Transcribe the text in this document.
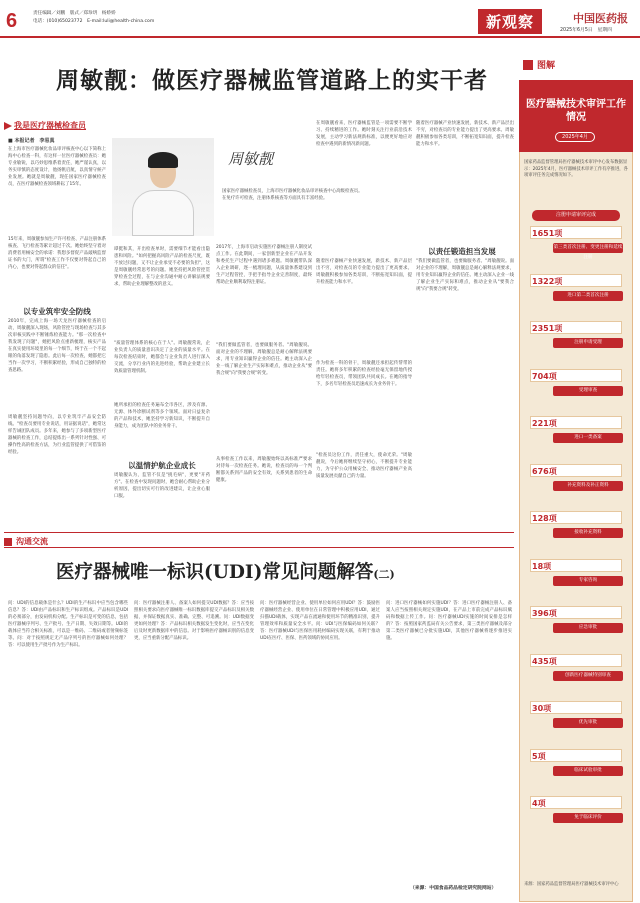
6	责任编辑／刘鹏　版式／郑珍玥　杨娇娇
电话：(010)65023772　E-mail:luli@health-china.com	新观察	中国医药报
2025年6月5日　星期四
周敏靓：做医疗器械监管道路上的实干者
我是医疗器械检查员
■ 本报记者　李易真
在上海市医疗器械化妆品审评核查中心以下简称上海中心检查一科，有这样一位医疗器械检查员：她专业敏锐，以巧妙思维系着责任，她严谨认真，以务实审慎的态度设计，他扬帆启航，以真情守候产业发展。她就是周敏靓，现任国家医疗器械检查员，在医疗器械检查领域耕耘了15年。
15年来，周敏靓参加生产许可检查、产品注册体系核查、飞行检查等累计超过千次。她始终坚守着对消费者用械安全的承诺：我想多督促产品敲响监督证书的大门，所谓"检查工作不仅要对得起自己的内心，也要对得起群众的信任"。
以专业筑牢安全防线
2010年，完成上海一场天龙医疗器械检查的启动，周敏靓深入现场，风险管控与现场检查与其多次审核实践中不断锤炼检查能力。"那一次检查中我发现了问题"，她把风险点重新梳理，核实产品在真实使用环境里的每一个细节，终于在一个不起眼的角落发现了隐患。此后每一次检查，她都把它当作一次学习，不断积累经验，形成自己独特的检查思路。
周敏靓坚持问题导向，以专业筑牢产品安全防线。"检查员要用专业说话，用证据说话"，她常这样告诫团队成员。多年来，她参与了多项新型医疗器械的检查工作，总结提炼出一系列针对性强、可操作性高的检查方法，为行业监管提供了可借鉴的经验。
周敏靓
国家医疗器械检查员，上海市医疗器械化妆品审评核查中心高级检查员。在免疗许可检查，注册体系核查等方面具有丰富经验。
谭挺和其，开出检查单时，需要细节才能看出隐患和风险。"如何把握高风险产品的检查尺度，既不放过问题，又不让企业承受不必要的负担"，这是周敏靓经常思考的问题。她坚持把风险管控贯穿检查全过程，在与企业沟通中耐心讲解法规要求，帮助企业理解整改的意义。
"质量管理体系的核心在于人"。周敏靓常说，企业负责人的质量意识决定了企业的质量水平。在每次检查结束时，她都会与企业负责人进行深入交流，分享行业内的先进经验，帮助企业建立长效质量管理机制。
她所承担的检查任务遍布全市各区，涉及有源、无源、体外诊断试剂等多个领域。面对日益复杂的产品和技术，她坚持学习新知识，不断提升自身能力，成为团队中的业务骨干。
以温情护航企业成长
周敏靓认为，监管不仅是"挑毛病"，更要"开药方"。在检查中发现问题时，她会耐心帮助企业分析原因，提出切实可行的改进建议，让企业心服口服。
2017年，上海市启动实施医疗器械注册人制度试点工作。在此期间，一家创新型企业在产品开发和委托生产过程中遇到诸多难题。周敏靓带队深入企业调研，逐一梳理问题，从质量体系建设到生产过程管控，手把手指导企业完善制度，最终帮助企业顺利取得注册证。
"我们要做监管者，也要做服务者。"周敏靓说。面对企业的不理解，周敏靓总是耐心解释法规要求，用专业知识赢得企业的信任。她主动深入企业一线了解企业生产实际和难点，推动企业从"要我合规"向"我要合规"转变。
从事检查工作以来，周敏靓始终以高标准严要求对待每一次检查任务。她说，检查员的每一个判断都关系到产品的安全有效，关系到患者的生命健康。
在周敏靓看来，医疗器械监管是一项需要不断学习、持续精进的工作。她时刻关注行业前沿技术发展，主动学习新法规新标准，以便更好地应对检查中遇到的新情况新问题。
以责任锻造担当发展
随着医疗器械产业快速发展，新技术、新产品层出不穷，对检查员的专业能力提出了更高要求。周敏靓积极参加各类培训，不断拓宽知识面，提升检查能力和水平。
作为检查一科的骨干，周敏靓还承担起传帮带的责任。她将多年积累的检查经验毫无保留地传授给年轻检查员，带领团队共同成长。在她的指导下，多名年轻检查员迅速成长为业务骨干。
"检查员这份工作，责任重大，使命光荣。"周敏靓说，今后她将继续坚守初心，不断提升专业能力，为守护公众用械安全、推动医疗器械产业高质量发展贡献自己的力量。
随着医疗器械产业快速发展，新技术、新产品层出不穷，对检查员的专业能力提出了更高要求。周敏靓积极参加各类培训，不断拓宽知识面，提升检查能力和水平。
"我们要做监管者，也要做服务者。"周敏靓说。面对企业的不理解，周敏靓总是耐心解释法规要求，用专业知识赢得企业的信任。她主动深入企业一线了解企业生产实际和难点，推动企业从"要我合规"向"我要合规"转变。
沟通交流
医疗器械唯一标识(UDI)常见问题解答(二)
问：UDI的信息载体是什么？UDI的生产标识中应当包含哪些信息？答：UDI由产品标识和生产标识组成。产品标识是UDI的必须部分，由发码机构分配。生产标识是可变的信息，包括医疗器械序列号、生产批号、生产日期、失效日期等。UDI的载体应当符合相关标准，可以是一维码、二维码或者射频标签等。问：对于按照规定无产品序列号的医疗器械如何处理？答：可以使用生产批号作为生产标识。
问：医疗器械注册人、备案人如何提交UDI数据？答：应当按照相关要求向医疗器械唯一标识数据库提交产品标识及相关数据，并保证数据真实、准确、完整、可追溯。问：UDI数据变更如何处理？答：产品标识相关数据发生变化时，应当在变化后及时更新数据库中的信息。对于影响医疗器械识别的信息变更，应当重新分配产品标识。
问：医疗器械经营企业、使用单位如何应用UDI？答：鼓励医疗器械经营企业、使用单位在日常管理中积极应用UDI，通过扫描UDI载体，实现产品在流通和使用环节的精准识别，提升管理效率和质量安全水平。问：UDI与医保编码如何关联？答：医疗器械UDI与医保医用耗材编码实现关联，有利于推动UDI在医疗、医保、医药领域的协同应用。
问：进口医疗器械如何实施UDI？答：进口医疗器械注册人、备案人应当按照相关规定实施UDI，在产品上市前完成产品标识赋码和数据上传工作。问：医疗器械UDI实施的时间安排是怎样的？答：按照国家药监局有关公告要求，第三类医疗器械及部分第二类医疗器械已分批实施UDI，其他医疗器械将逐步推进实施。
（来源：中国食品药品检定研究院网站）
图解
医疗器械技术审评工作情况
2025年4月
国家药品监督管理局医疗器械技术审评中心发布数据显示：2025年4月，医疗器械技术审评工作有序推进，各项审评任务完成情况如下。
注册申请审评完成
1651项
第三类首次注册、变更注册和延续注册
1322项
进口第二类首次注册
2351项
注册申请受理
704项
受理审查
221项
进口一类备案
676项
补充资料及补正资料
128项
接收补充资料
18项
专家咨询
396项
应急审批
435项
创新医疗器械特别审查
30项
优先审批
5项
临床试验审批
4项
免于临床评价
来源：国家药品监督管理局医疗器械技术审评中心
